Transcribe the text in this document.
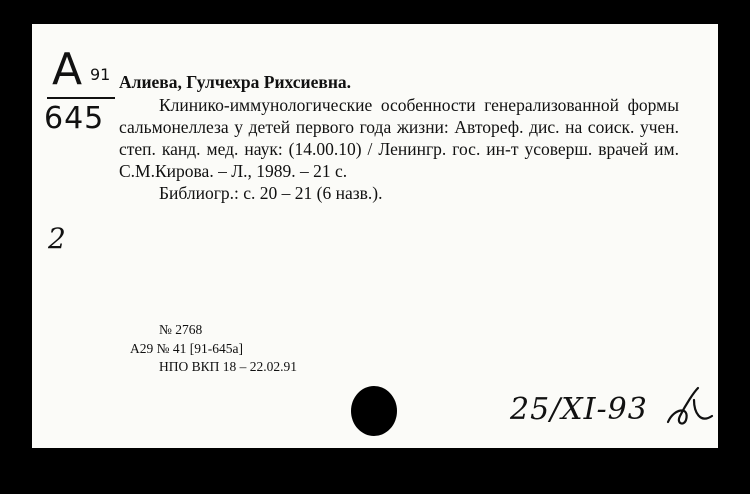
А 91
645
2
Алиева, Гулчехра Рихсиевна.
Клинико-иммунологические особенности генерализованной формы сальмонеллеза у детей первого года жизни: Автореф. дис. на соиск. учен. степ. канд. мед. наук: (14.00.10) / Ленингр. гос. ин-т усоверш. врачей им. С.М.Кирова. – Л., 1989. – 21 с.
Библиогр.: с. 20 – 21 (6 назв.).
№ 2768
А29 № 41 [91-645а]
НПО ВКП 18 – 22.02.91
25/XI-93
